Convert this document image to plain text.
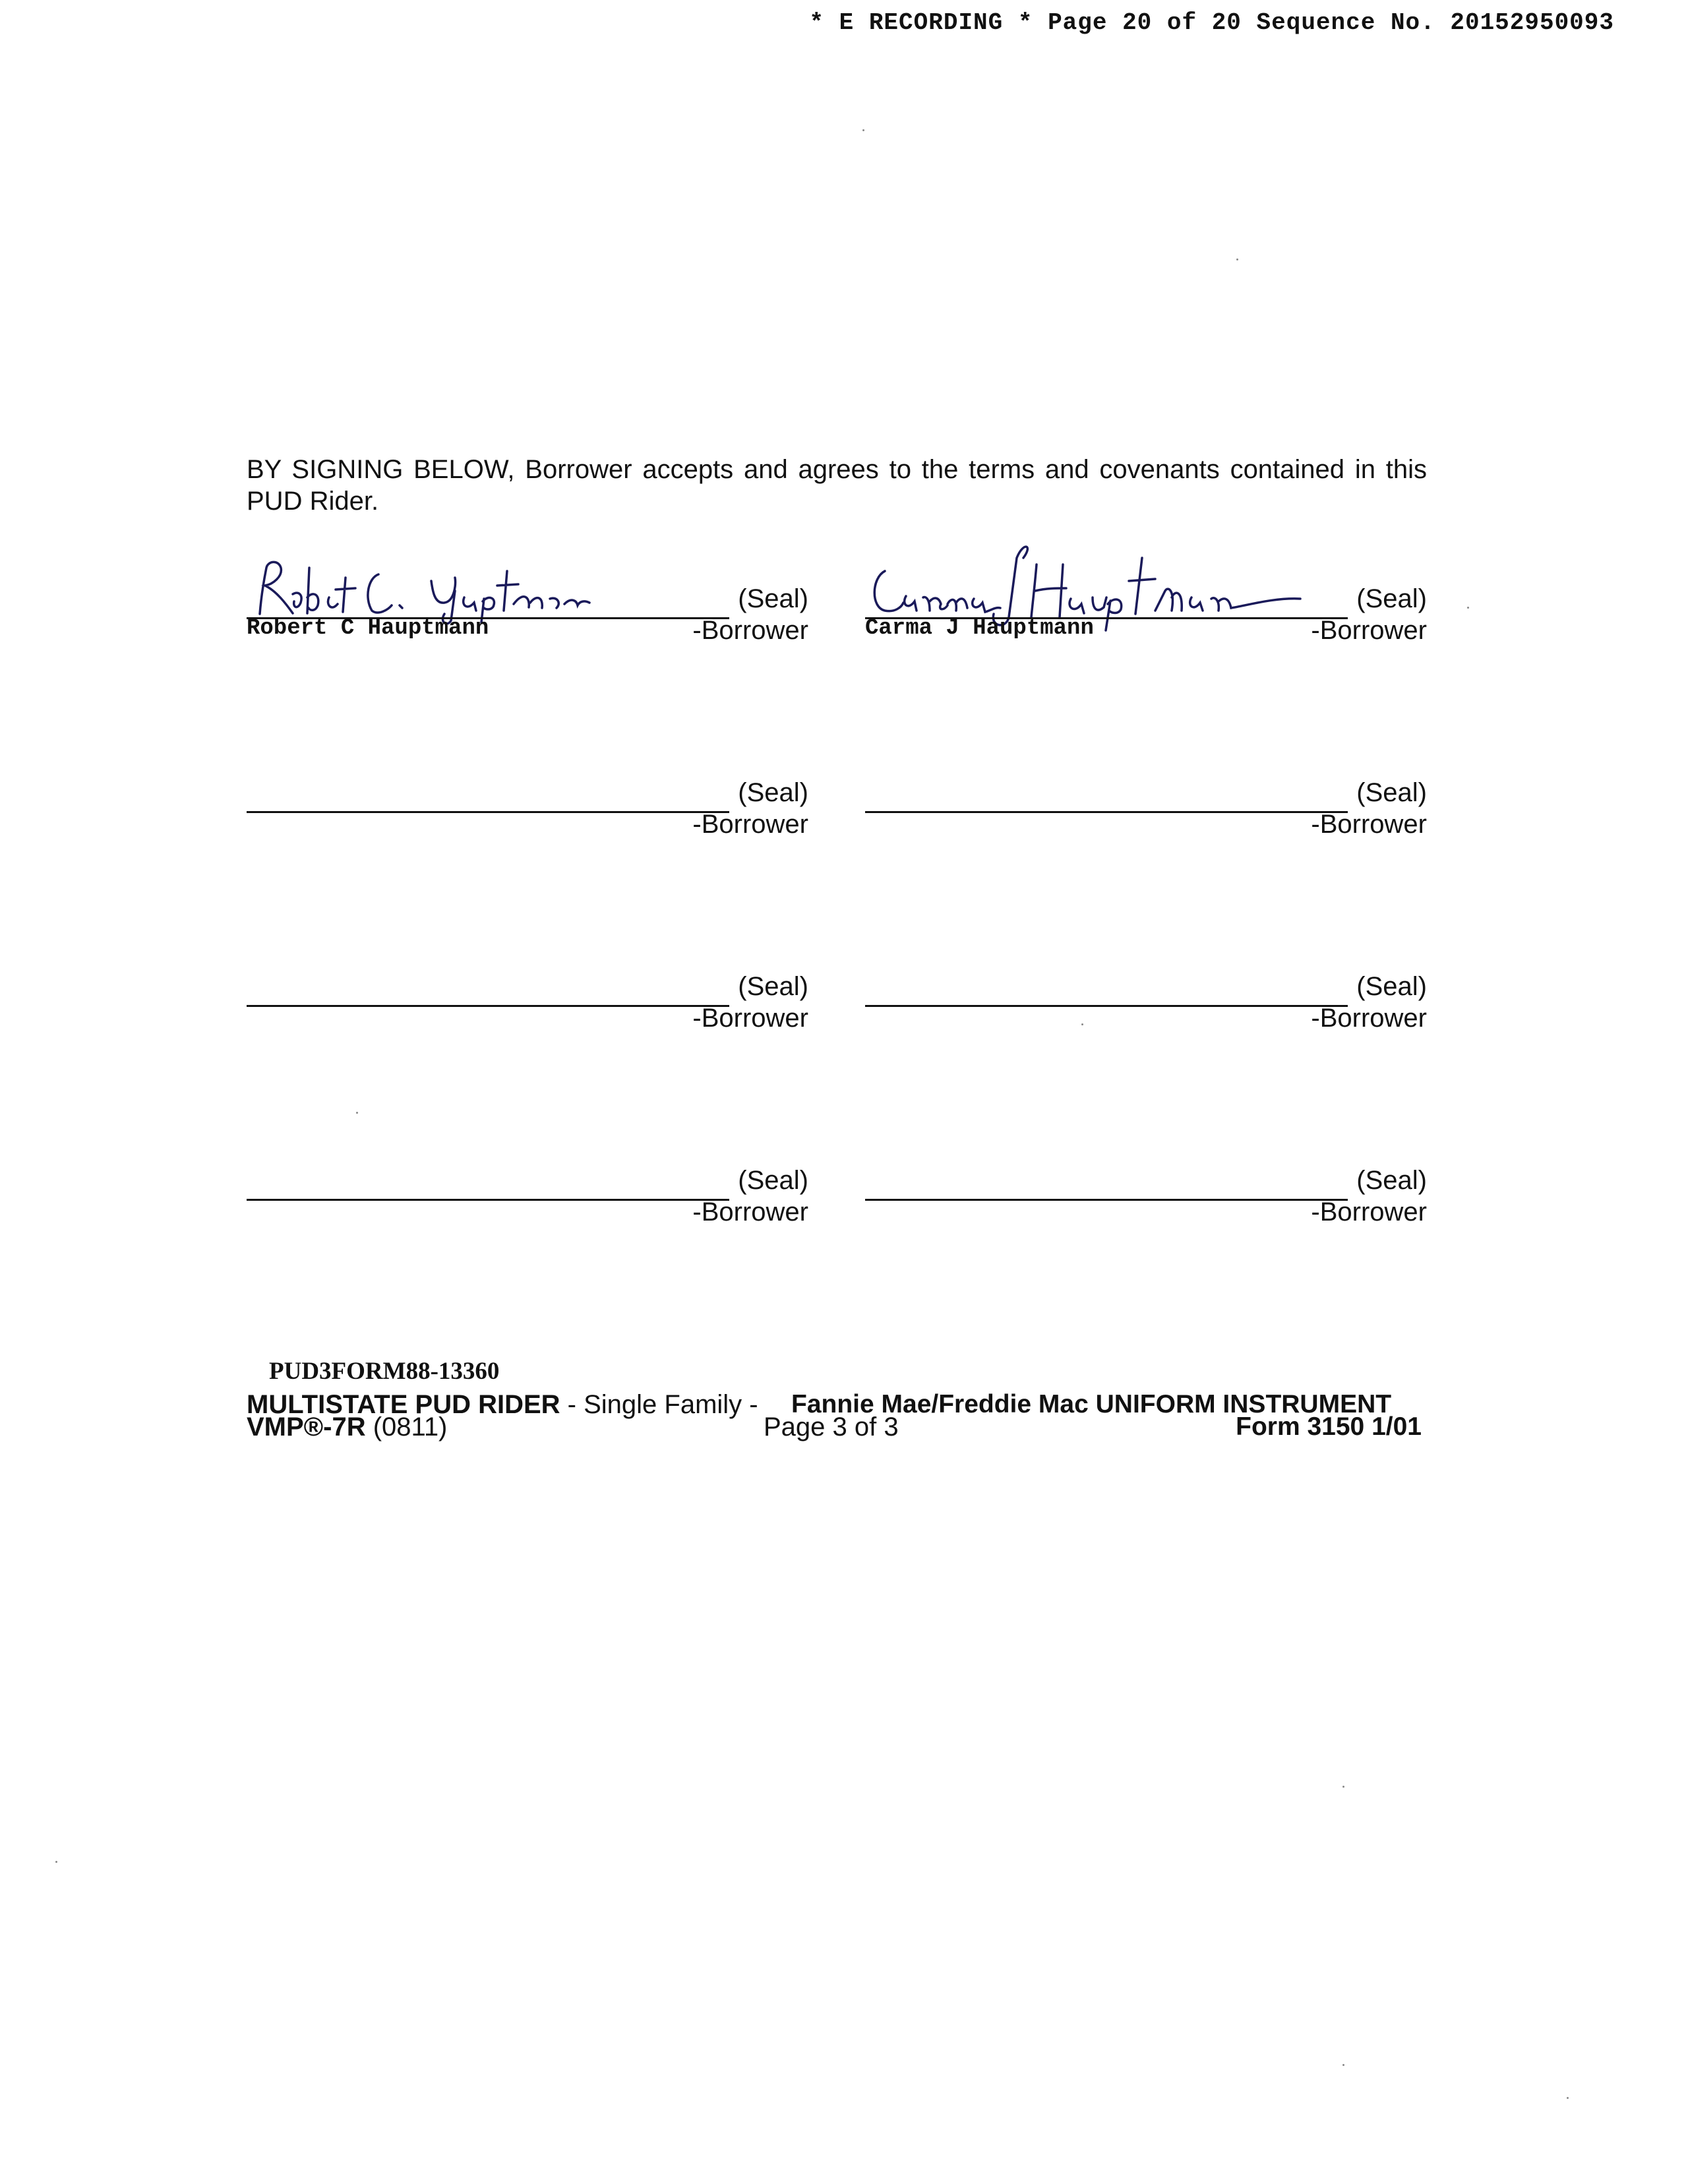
* E RECORDING * Page 20 of 20 Sequence No. 20152950093
BY SIGNING BELOW, Borrower accepts and agrees to the terms and covenants contained in this PUD Rider.
(Seal)
Robert C Hauptmann	-Borrower
(Seal)
Carma J Hauptmann	-Borrower
(Seal)
-Borrower
(Seal)
-Borrower
(Seal)
-Borrower
(Seal)
-Borrower
(Seal)
-Borrower
(Seal)
-Borrower
PUD3FORM88-13360
MULTISTATE PUD RIDER - Single Family - Fannie Mae/Freddie Mac UNIFORM INSTRUMENT
VMP®-7R (0811)	Page 3 of 3	Form 3150 1/01
